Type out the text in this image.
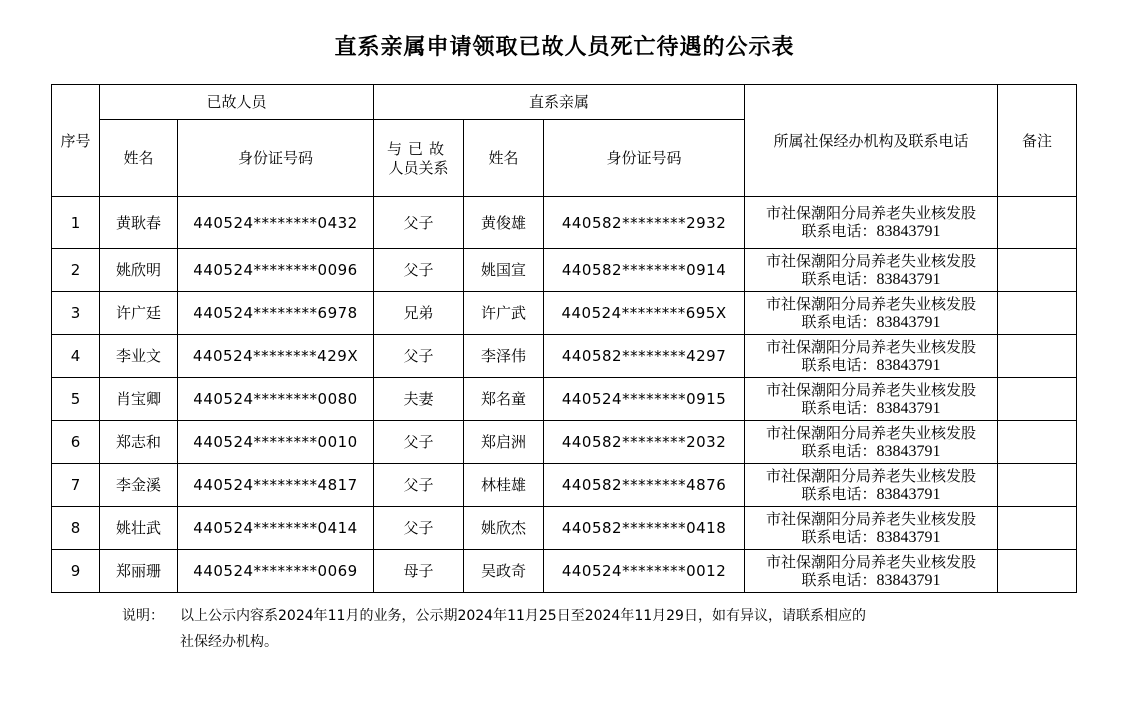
直系亲属申请领取已故人员死亡待遇的公示表
序号	已故人员		直系亲属			所属社保经办机构及联系电话	备注
	姓名	身份证号码	与已故
人员关系	姓名	身份证号码		
1	黄耿春	440524********0432	父子	黄俊雄	440582********2932	市社保潮阳分局养老失业核发股
联系电话：83843791	

2	姚欣明	440524********0096	父子	姚国宣	440582********0914	市社保潮阳分局养老失业核发股
联系电话：83843791	

3	许广廷	440524********6978	兄弟	许广武	440524********695X	市社保潮阳分局养老失业核发股
联系电话：83843791	

4	李业文	440524********429X	父子	李泽伟	440582********4297	市社保潮阳分局养老失业核发股
联系电话：83843791	

5	肖宝卿	440524********0080	夫妻	郑名童	440524********0915	市社保潮阳分局养老失业核发股
联系电话：83843791	

6	郑志和	440524********0010	父子	郑启洲	440582********2032	市社保潮阳分局养老失业核发股
联系电话：83843791	

7	李金溪	440524********4817	父子	林桂雄	440582********4876	市社保潮阳分局养老失业核发股
联系电话：83843791	

8	姚壮武	440524********0414	父子	姚欣杰	440582********0418	市社保潮阳分局养老失业核发股
联系电话：83843791	

9	郑丽珊	440524********0069	母子	吴政奇	440524********0012	市社保潮阳分局养老失业核发股
联系电话：83843791	

说明：	以上公示内容系2024年11月的业务，公示期2024年11月25日至2024年11月29日，如有异议，请联系相应的
社保经办机构。
